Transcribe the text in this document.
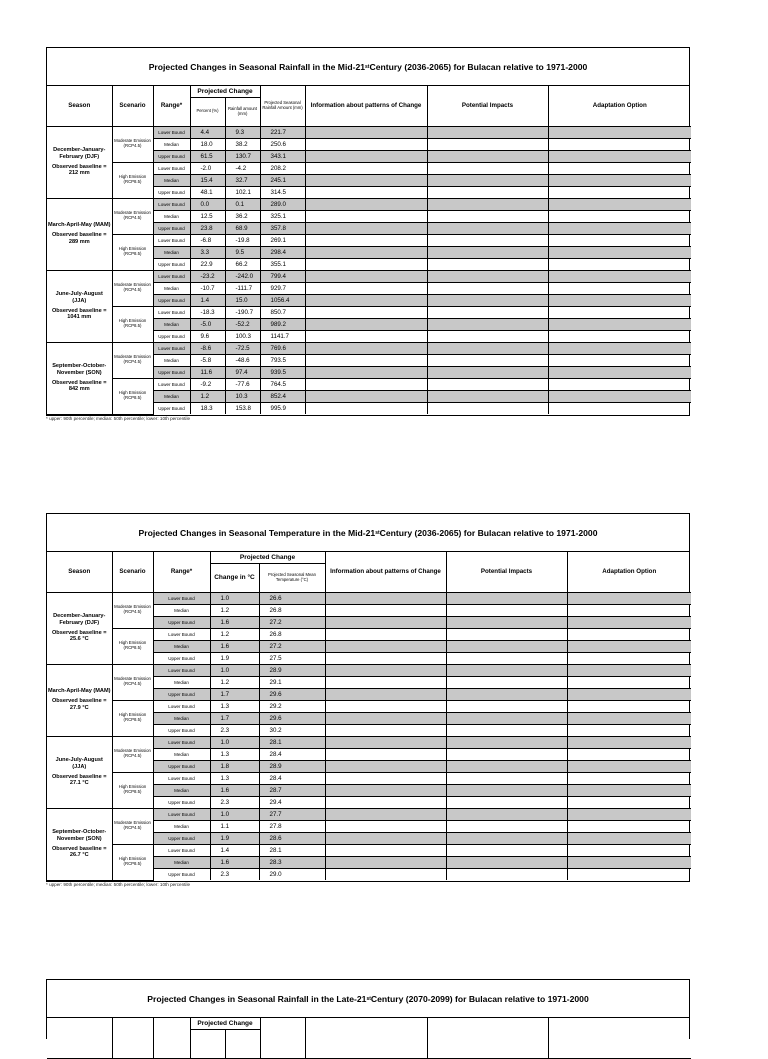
Projected Changes in Seasonal Rainfall in the Mid-21 st Century (2036-2065) for Bulacan relative to 1971-2000
Season	Scenario	Range*	Projected Change		Projected Seasonal Rainfall Amount (mm)	Information about patterns of Change	Potential Impacts	Adaptation Option
			Percent (%)	Rainfall amount (mm)				

December-January-February (DJF)
Observed baseline = 212 mm	Moderate Emission (RCP4.5)	Lower Bound	4.4	9.3	221.7			
		Median	18.0	38.2	250.6			
		Upper Bound	61.5	130.7	343.1			
	High Emission (RCP8.5)	Lower Bound	-2.0	-4.2	208.2			
		Median	15.4	32.7	245.1			
		Upper Bound	48.1	102.1	314.5			

March-April-May (MAM)
Observed baseline = 289 mm	Moderate Emission (RCP4.5)	Lower Bound	0.0	0.1	289.0			
		Median	12.5	36.2	325.1			
		Upper Bound	23.8	68.9	357.8			
	High Emission (RCP8.5)	Lower Bound	-6.8	-19.8	269.1			
		Median	3.3	9.5	298.4			
		Upper Bound	22.9	66.2	355.1			

June-July-August (JJA)
Observed baseline = 1041 mm	Moderate Emission (RCP4.5)	Lower Bound	-23.2	-242.0	799.4			
		Median	-10.7	-111.7	929.7			
		Upper Bound	1.4	15.0	1056.4			
	High Emission (RCP8.5)	Lower Bound	-18.3	-190.7	850.7			
		Median	-5.0	-52.2	989.2			
		Upper Bound	9.6	100.3	1141.7			

September-October-November (SON)
Observed baseline = 842 mm	Moderate Emission (RCP4.5)	Lower Bound	-8.6	-72.5	769.6			
		Median	-5.8	-48.6	793.5			
		Upper Bound	11.6	97.4	939.5			
	High Emission (RCP8.5)	Lower Bound	-9.2	-77.6	764.5			
		Median	1.2	10.3	852.4			
		Upper Bound	18.3	153.8	995.9			
* upper: 90th percentile; median: 50th percentile; lower: 10th percentile
Projected Changes in Seasonal Temperature in the Mid-21 st Century (2036-2065) for Bulacan relative to 1971-2000
Season	Scenario	Range*	Projected Change		Information about patterns of Change	Potential Impacts	Adaptation Option
			Change in °C	Projected Seasonal Mean Temperature (°C)			

December-January-February (DJF)
Observed baseline = 25.6 °C	Moderate Emission (RCP4.5)	Lower Bound	1.0	26.6			
		Median	1.2	26.8			
		Upper Bound	1.6	27.2			
	High Emission (RCP8.5)	Lower Bound	1.2	26.8			
		Median	1.6	27.2			
		Upper Bound	1.9	27.5			

March-April-May (MAM)
Observed baseline = 27.9 °C	Moderate Emission (RCP4.5)	Lower Bound	1.0	28.9			
		Median	1.2	29.1			
		Upper Bound	1.7	29.6			
	High Emission (RCP8.5)	Lower Bound	1.3	29.2			
		Median	1.7	29.6			
		Upper Bound	2.3	30.2			

June-July-August (JJA)
Observed baseline = 27.1 °C	Moderate Emission (RCP4.5)	Lower Bound	1.0	28.1			
		Median	1.3	28.4			
		Upper Bound	1.8	28.9			
	High Emission (RCP8.5)	Lower Bound	1.3	28.4			
		Median	1.6	28.7			
		Upper Bound	2.3	29.4			

September-October-November (SON)
Observed baseline = 26.7 °C	Moderate Emission (RCP4.5)	Lower Bound	1.0	27.7			
		Median	1.1	27.8			
		Upper Bound	1.9	28.6			
	High Emission (RCP8.5)	Lower Bound	1.4	28.1			
		Median	1.6	28.3			
		Upper Bound	2.3	29.0			
* upper: 90th percentile; median: 50th percentile; lower: 10th percentile
Projected Changes in Seasonal Rainfall in the Late-21 st Century (2070-2099) for Bulacan relative to 1971-2000
			Projected Change					
